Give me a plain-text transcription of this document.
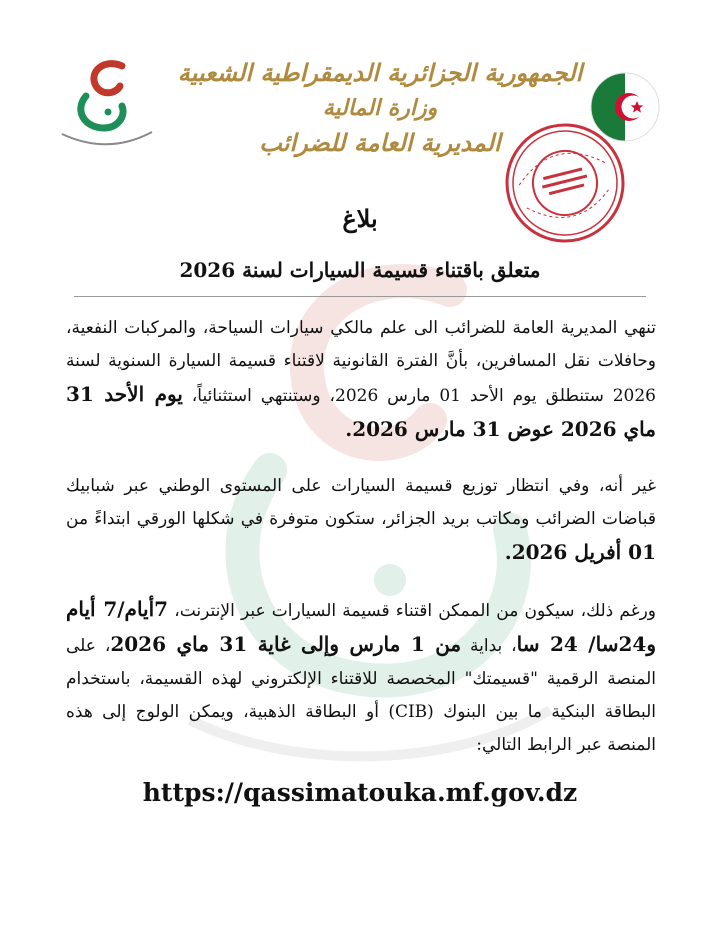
الجمهورية الجزائرية الديمقراطية الشعبية
وزارة المالية
المديرية العامة للضرائب
بلاغ
متعلق باقتناء قسيمة السيارات لسنة 2026

تنهي المديرية العامة للضرائب الى علم مالكي سيارات السياحة، والمركبات النفعية، وحافلات نقل المسافرين، بأنَّ الفترة القانونية لاقتناء قسيمة السيارة السنوية لسنة 2026 ستنطلق يوم الأحد 01 مارس 2026، وستنتهي استثنائياً، يوم الأحد 31 ماي 2026 عوض 31 مارس 2026.

غير أنه، وفي انتظار توزيع قسيمة السيارات على المستوى الوطني عبر شبابيك قباضات الضرائب ومكاتب بريد الجزائر، ستكون متوفرة في شكلها الورقي ابتداءً من 01 أفريل 2026.

ورغم ذلك، سيكون من الممكن اقتناء قسيمة السيارات عبر الإنترنت، 7أيام/7 أيام و24سا/ 24 سا، بداية من 1 مارس وإلى غاية 31 ماي 2026، على المنصة الرقمية "قسيمتك" المخصصة للاقتناء الإلكتروني لهذه القسيمة، باستخدام البطاقة البنكية ما بين البنوك (CIB) أو البطاقة الذهبية، ويمكن الولوج إلى هذه المنصة عبر الرابط التالي:

https://qassimatouka.mf.gov.dz
